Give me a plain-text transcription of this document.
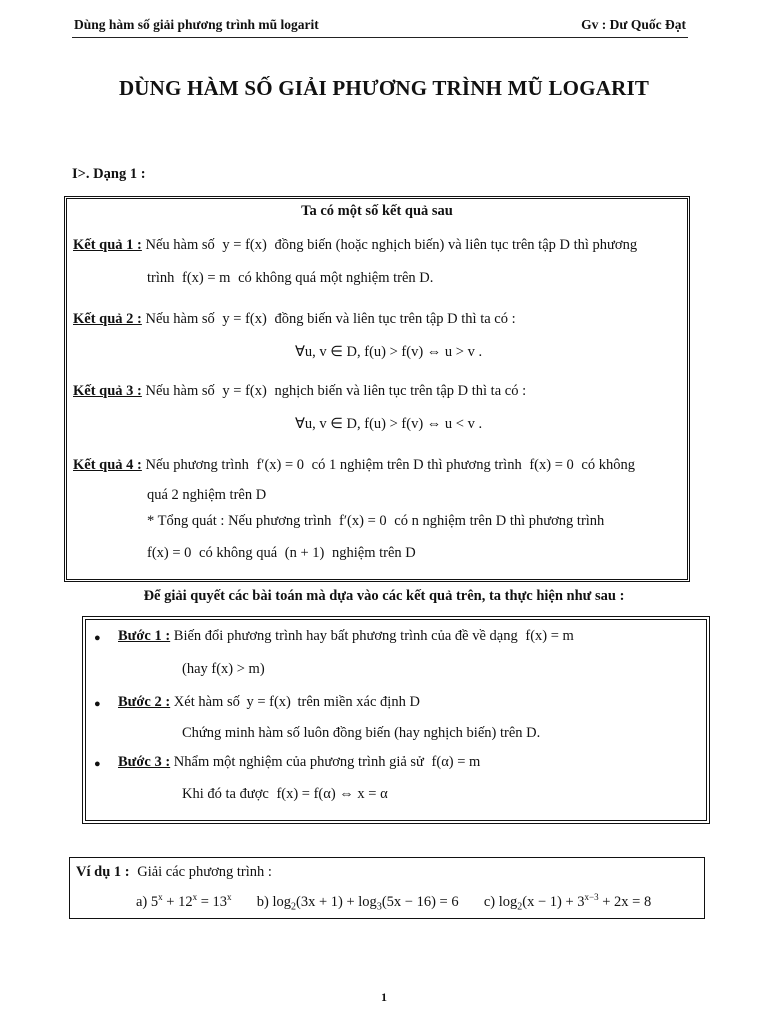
Dùng hàm số giải phương trình mũ logarit	Gv : Dư Quốc Đạt
DÙNG HÀM SỐ GIẢI PHƯƠNG TRÌNH MŨ LOGARIT
I>. Dạng 1 :
Ta có một số kết quả sau
Kết quả 1 : Nếu hàm số y = f(x) đồng biến (hoặc nghịch biến) và liên tục trên tập D thì phương
trình f(x) = m có không quá một nghiệm trên D.
Kết quả 2 : Nếu hàm số y = f(x) đồng biến và liên tục trên tập D thì ta có :
∀u, v ∈ D, f(u) > f(v) ⇔ u > v .
Kết quả 3 : Nếu hàm số y = f(x) nghịch biến và liên tục trên tập D thì ta có :
∀u, v ∈ D, f(u) > f(v) ⇔ u < v .
Kết quả 4 : Nếu phương trình f′(x) = 0 có 1 nghiệm trên D thì phương trình f(x) = 0 có không
quá 2 nghiệm trên D
* Tổng quát : Nếu phương trình f′(x) = 0 có n nghiệm trên D thì phương trình
f(x) = 0 có không quá (n + 1) nghiệm trên D
Để giải quyết các bài toán mà dựa vào các kết quả trên, ta thực hiện như sau :
● Bước 1 : Biến đổi phương trình hay bất phương trình của đề về dạng f(x) = m
(hay f(x) > m)
● Bước 2 : Xét hàm số y = f(x) trên miền xác định D
Chứng minh hàm số luôn đồng biến (hay nghịch biến) trên D.
● Bước 3 : Nhẩm một nghiệm của phương trình giả sử f(α) = m
Khi đó ta được f(x) = f(α) ⇔ x = α
Ví dụ 1 : Giải các phương trình :
a) $5^x + 12^x = 13^x$ b) $\log_2(3x + 1) + \log_3(5x - 16) = 6$  c) $\log_2(x - 1) + 3^{x-3} + 2x = 8$
1
